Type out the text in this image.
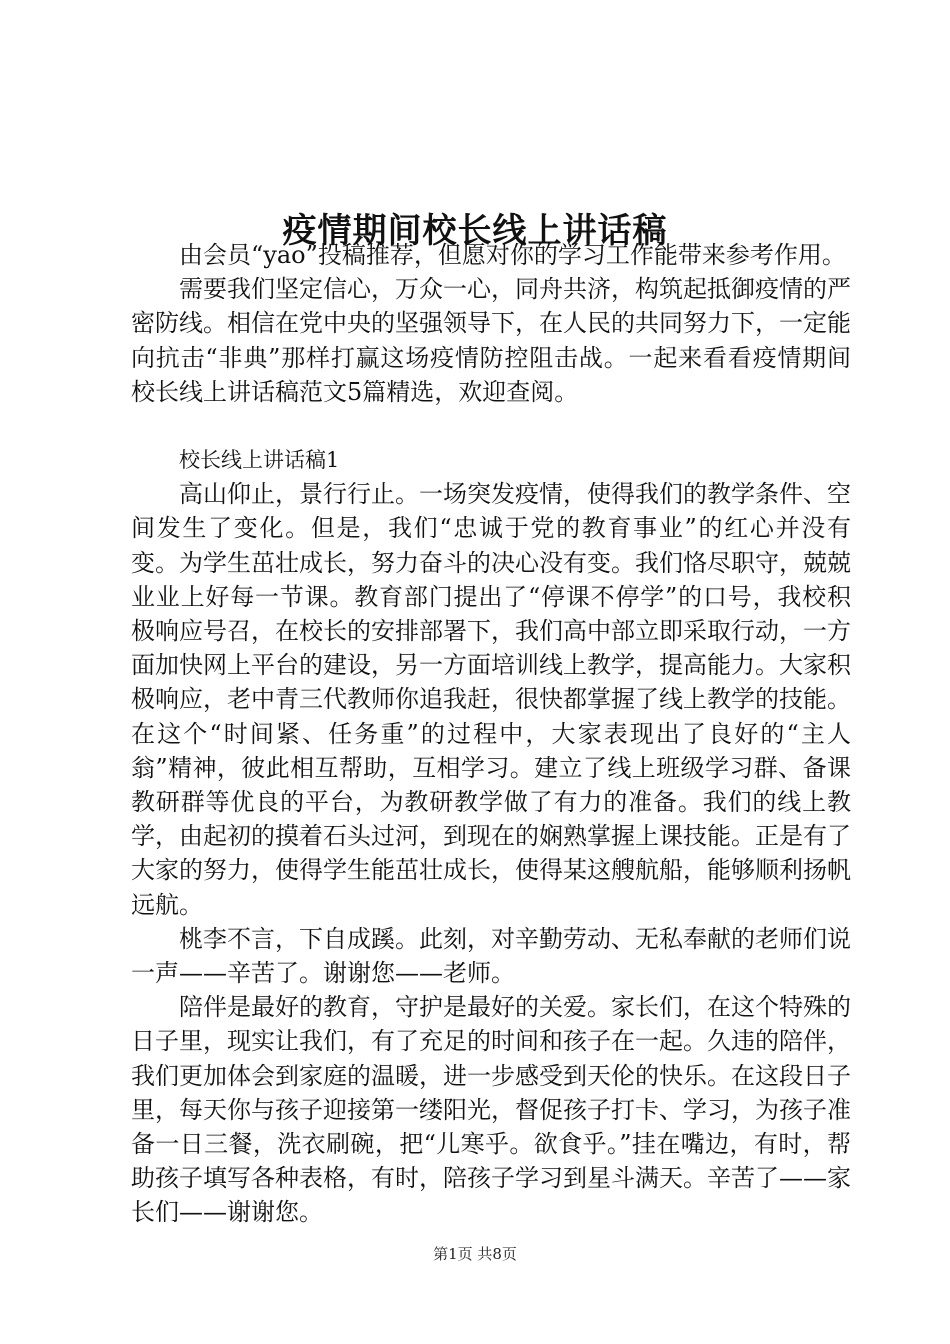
疫情期间校长线上讲话稿

由会员“yao”投稿推荐，但愿对你的学习工作能带来参考作用。

需要我们坚定信心，万众一心，同舟共济，构筑起抵御疫情的严密防线。相信在党中央的坚强领导下，在人民的共同努力下，一定能向抗击“非典”那样打赢这场疫情防控阻击战。一起来看看疫情期间校长线上讲话稿范文5篇精选，欢迎查阅。

校长线上讲话稿1

高山仰止，景行行止。一场突发疫情，使得我们的教学条件、空间发生了变化。但是，我们“忠诚于党的教育事业”的红心并没有变。为学生茁壮成长，努力奋斗的决心没有变。我们恪尽职守，兢兢业业上好每一节课。教育部门提出了“停课不停学”的口号，我校积极响应号召，在校长的安排部署下，我们高中部立即采取行动，一方面加快网上平台的建设，另一方面培训线上教学，提高能力。大家积极响应，老中青三代教师你追我赶，很快都掌握了线上教学的技能。在这个“时间紧、任务重”的过程中，大家表现出了良好的“主人翁”精神，彼此相互帮助，互相学习。建立了线上班级学习群、备课教研群等优良的平台，为教研教学做了有力的准备。我们的线上教学，由起初的摸着石头过河，到现在的娴熟掌握上课技能。正是有了大家的努力，使得学生能茁壮成长，使得某这艘航船，能够顺利扬帆远航。

桃李不言，下自成蹊。此刻，对辛勤劳动、无私奉献的老师们说一声——辛苦了。谢谢您——老师。

陪伴是最好的教育，守护是最好的关爱。家长们，在这个特殊的日子里，现实让我们，有了充足的时间和孩子在一起。久违的陪伴，我们更加体会到家庭的温暖，进一步感受到天伦的快乐。在这段日子里，每天你与孩子迎接第一缕阳光，督促孩子打卡、学习，为孩子准备一日三餐，洗衣刷碗，把“儿寒乎。欲食乎。”挂在嘴边，有时，帮助孩子填写各种表格，有时，陪孩子学习到星斗满天。辛苦了——家长们——谢谢您。

第1页 共8页
